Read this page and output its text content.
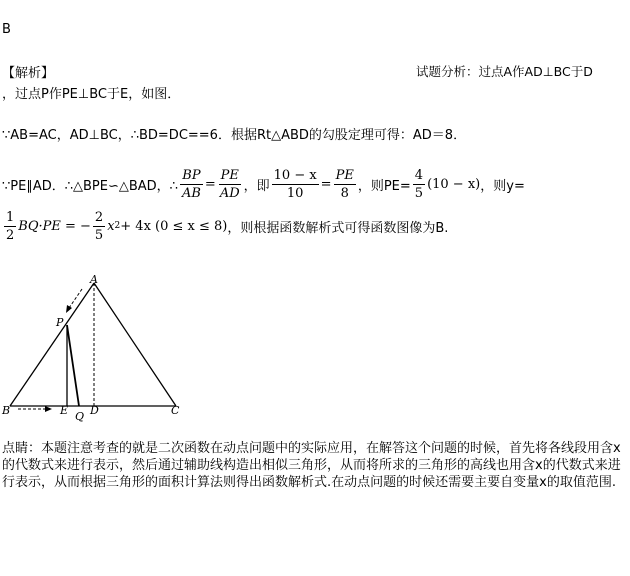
B
【解析】	试题分析：过点A作AD⊥BC于D
，过点P作PE⊥BC于E，如图．
∵AB=AC，AD⊥BC，∴BD=DC==6．根据Rt△ABD的勾股定理可得：AD＝8．
∵PE∥AD．∴△BPE∽△BAD，∴ $\frac{BP}{AB} = \frac{PE}{AD}$ ，即 $\frac{10 - x}{10} = \frac{PE}{8}$ ，则$PE= \frac{4}{5} (10 - x)$ ，则y=
$\frac{1}{2} BQ\cdot PE$ = − $\frac{2}{5}$ x 2 + 4x (0 ≤ x ≤ 8) ，则根据函数解析式可得函数图像为B.
A
P
B	E Q D	C
点睛：本题注意考查的就是二次函数在动点问题中的实际应用，在解答这个问题的时候，首先将各线段用含x的代数式来进行表示，然后通过辅助线构造出相似三角形，从而将所求的三角形的高线也用含x的代数式来进行表示，从而根据三角形的面积计算法则得出函数解析式.在动点问题的时候还需要主要自变量x的取值范围.
